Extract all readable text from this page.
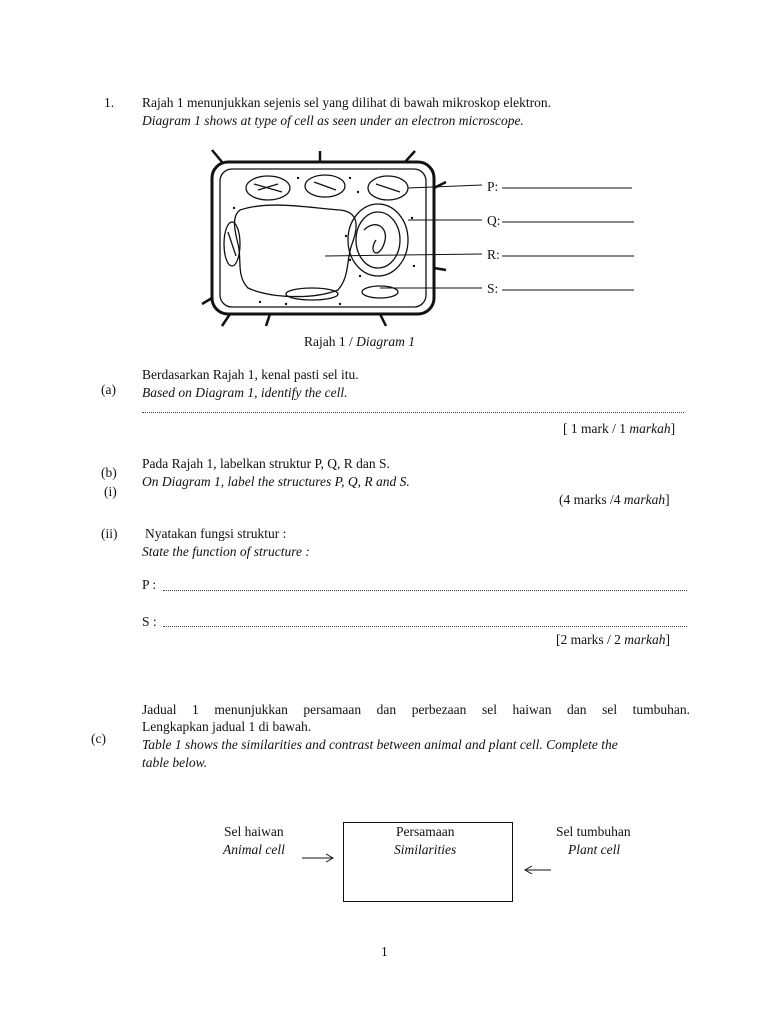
1. Rajah 1 menunjukkan sejenis sel yang dilihat di bawah mikroskop elektron.
Diagram 1 shows at type of cell as seen under an electron microscope.
P:
Q:
R:
S:
Rajah 1 / Diagram 1
(a)
Berdasarkan Rajah 1, kenal pasti sel itu.
Based on Diagram 1, identify the cell.
[ 1 mark / 1 markah]
(b)
(i)
Pada Rajah 1, labelkan struktur P, Q, R dan S.
On Diagram 1, label the structures P, Q, R and S.
(4 marks /4 markah]
(ii) Nyatakan fungsi struktur :
State the function of structure :
P :
S :
[2 marks / 2 markah]
(c)
Jadual 1 menunjukkan persamaan dan perbezaan sel haiwan dan sel tumbuhan.
Lengkapkan jadual 1 di bawah.
Table 1 shows the similarities and contrast between animal and plant cell. Complete the
table below.
Sel haiwan
Animal cell
Persamaan
Similarities
Sel tumbuhan
Plant cell
1
